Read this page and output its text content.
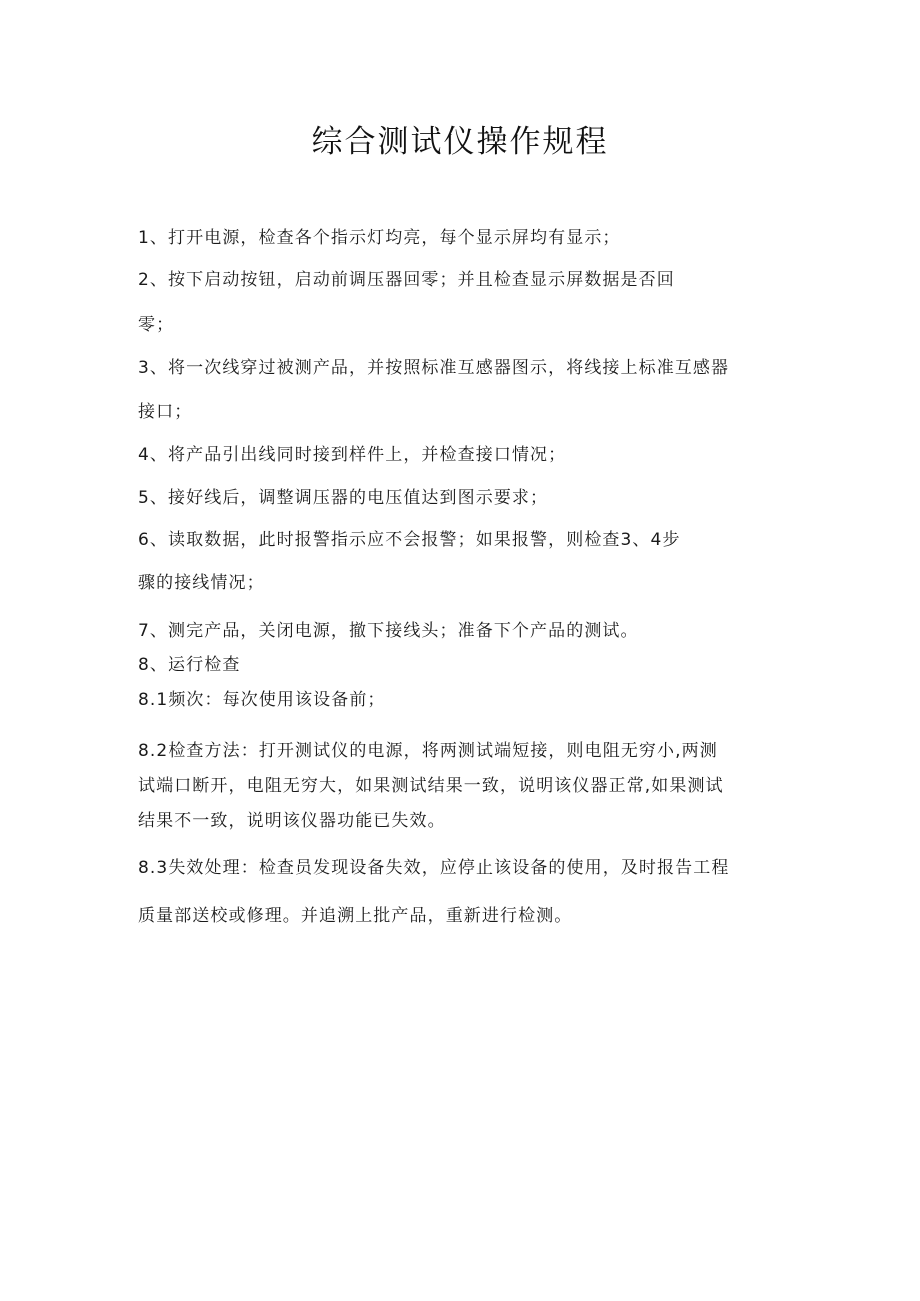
综合测试仪操作规程
1、打开电源，检查各个指示灯均亮，每个显示屏均有显示；
2、按下启动按钮，启动前调压器回零；并且检查显示屏数据是否回
零；
3、将一次线穿过被测产品，并按照标准互感器图示，将线接上标准互感器
接口；
4、将产品引出线同时接到样件上，并检查接口情况；
5、接好线后，调整调压器的电压值达到图示要求；
6、读取数据，此时报警指示应不会报警；如果报警，则检查3、4步
骤的接线情况；
7、测完产品，关闭电源，撤下接线头；准备下个产品的测试。
8、运行检查
8.1频次：每次使用该设备前；
8.2检查方法：打开测试仪的电源，将两测试端短接，则电阻无穷小,两测
试端口断开，电阻无穷大，如果测试结果一致，说明该仪器正常,如果测试
结果不一致，说明该仪器功能已失效。
8.3失效处理：检查员发现设备失效，应停止该设备的使用，及时报告工程
质量部送校或修理。并追溯上批产品，重新进行检测。
